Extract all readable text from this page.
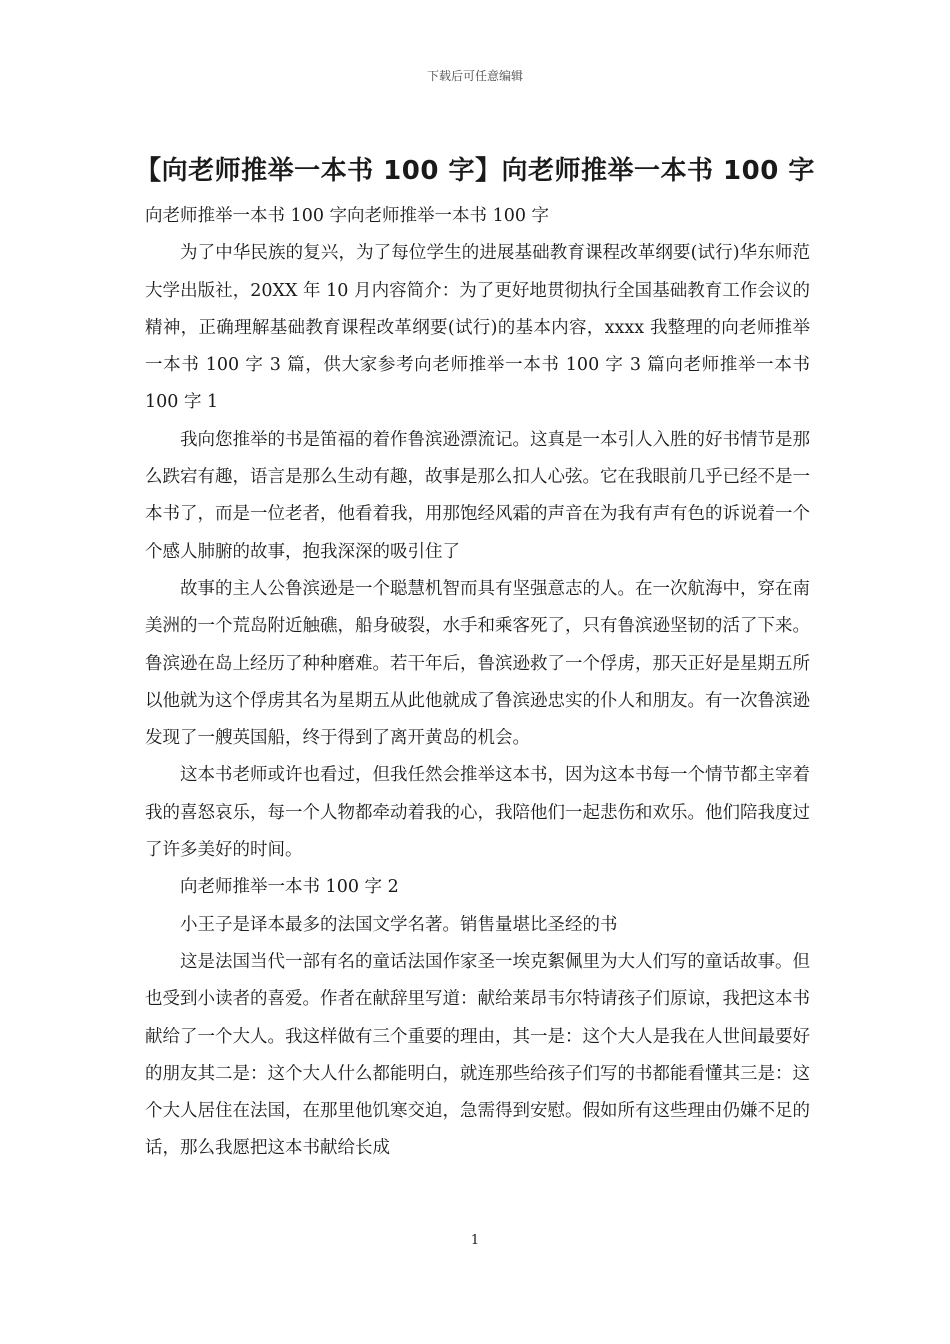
下载后可任意编辑
【向老师推举一本书 100 字】向老师推举一本书 100 字

向老师推举一本书 100 字向老师推举一本书 100 字

为了中华民族的复兴，为了每位学生的进展基础教育课程改革纲要(试行)华东师范大学出版社，20XX 年 10 月内容简介：为了更好地贯彻执行全国基础教育工作会议的精神，正确理解基础教育课程改革纲要(试行)的基本内容，xxxx 我整理的向老师推举一本书 100 字 3 篇，供大家参考向老师推举一本书 100 字 3 篇向老师推举一本书 100 字 1

我向您推举的书是笛福的着作鲁滨逊漂流记。这真是一本引人入胜的好书情节是那么跌宕有趣，语言是那么生动有趣，故事是那么扣人心弦。它在我眼前几乎已经不是一本书了，而是一位老者，他看着我，用那饱经风霜的声音在为我有声有色的诉说着一个个感人肺腑的故事，抱我深深的吸引住了

故事的主人公鲁滨逊是一个聪慧机智而具有坚强意志的人。在一次航海中，穿在南美洲的一个荒岛附近触礁，船身破裂，水手和乘客死了，只有鲁滨逊坚韧的活了下来。鲁滨逊在岛上经历了种种磨难。若干年后，鲁滨逊救了一个俘虏，那天正好是星期五所以他就为这个俘虏其名为星期五从此他就成了鲁滨逊忠实的仆人和朋友。有一次鲁滨逊发现了一艘英国船，终于得到了离开黄岛的机会。

这本书老师或许也看过，但我任然会推举这本书，因为这本书每一个情节都主宰着我的喜怒哀乐，每一个人物都牵动着我的心，我陪他们一起悲伤和欢乐。他们陪我度过了许多美好的时间。

向老师推举一本书 100 字 2

小王子是译本最多的法国文学名著。销售量堪比圣经的书

这是法国当代一部有名的童话法国作家圣一埃克絮佩里为大人们写的童话故事。但也受到小读者的喜爱。作者在献辞里写道：献给莱昂韦尔特请孩子们原谅，我把这本书献给了一个大人。我这样做有三个重要的理由，其一是：这个大人是我在人世间最要好的朋友其二是：这个大人什么都能明白，就连那些给孩子们写的书都能看懂其三是：这个大人居住在法国，在那里他饥寒交迫，急需得到安慰。假如所有这些理由仍嫌不足的话，那么我愿把这本书献给长成

1
